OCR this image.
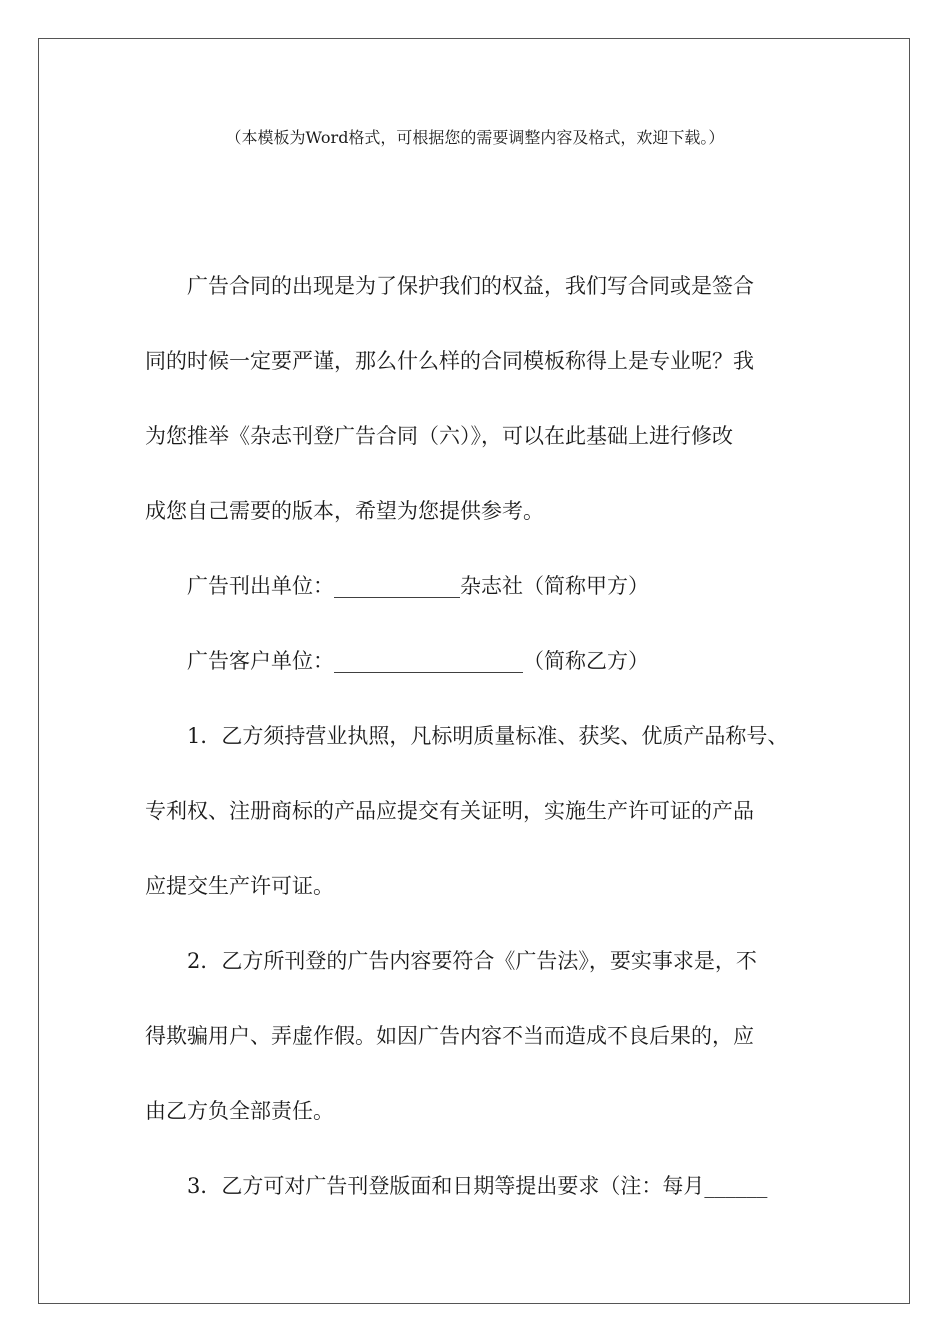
（本模板为Word格式，可根据您的需要调整内容及格式，欢迎下载。）
广告合同的出现是为了保护我们的权益，我们写合同或是签合
同的时候一定要严谨，那么什么样的合同模板称得上是专业呢？我
为您推举《杂志刊登广告合同（六）》，可以在此基础上进行修改
成您自己需要的版本，希望为您提供参考。
广告刊出单位：____________杂志社（简称甲方）
广告客户单位：__________________（简称乙方）
1．乙方须持营业执照，凡标明质量标准、获奖、优质产品称号、
专利权、注册商标的产品应提交有关证明，实施生产许可证的产品
应提交生产许可证。
2．乙方所刊登的广告内容要符合《广告法》，要实事求是，不
得欺骗用户、弄虚作假。如因广告内容不当而造成不良后果的，应
由乙方负全部责任。
3．乙方可对广告刊登版面和日期等提出要求（注：每月______
